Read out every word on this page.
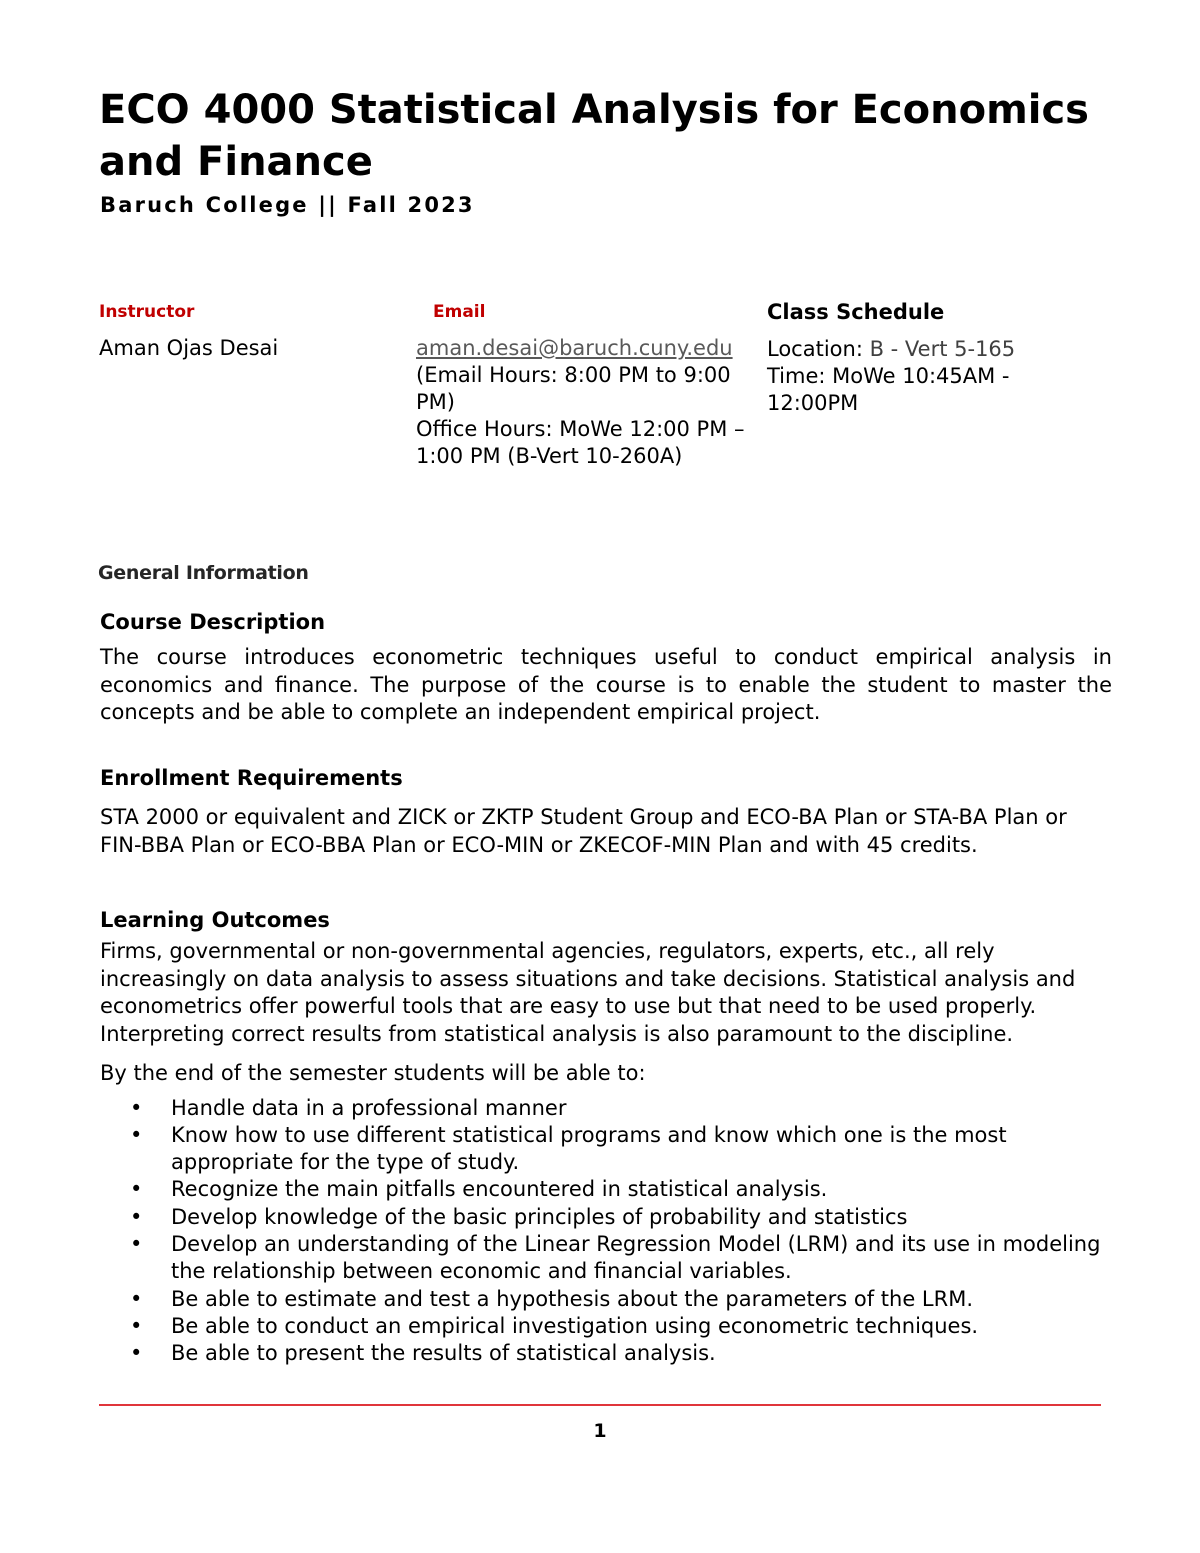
ECO 4000 Statistical Analysis for Economics and Finance
Baruch College || Fall 2023
Instructor
Aman Ojas Desai
Email
aman.desai@baruch.cuny.edu
(Email Hours: 8:00 PM to 9:00 PM)
Office Hours: MoWe 12:00 PM – 1:00 PM (B-Vert 10-260A)
Class Schedule
Location: B - Vert 5-165
Time: MoWe 10:45AM - 12:00PM
General Information
Course Description

The course introduces econometric techniques useful to conduct empirical analysis in economics and finance. The purpose of the course is to enable the student to master the concepts and be able to complete an independent empirical project.

Enrollment Requirements

STA 2000 or equivalent and ZICK or ZKTP Student Group and ECO-BA Plan or STA-BA Plan or FIN-BBA Plan or ECO-BBA Plan or ECO-MIN or ZKECOF-MIN Plan and with 45 credits.

Learning Outcomes

Firms, governmental or non-governmental agencies, regulators, experts, etc., all rely increasingly on data analysis to assess situations and take decisions. Statistical analysis and econometrics offer powerful tools that are easy to use but that need to be used properly. Interpreting correct results from statistical analysis is also paramount to the discipline.

By the end of the semester students will be able to:

• Handle data in a professional manner
• Know how to use different statistical programs and know which one is the most appropriate for the type of study.
• Recognize the main pitfalls encountered in statistical analysis.
• Develop knowledge of the basic principles of probability and statistics
• Develop an understanding of the Linear Regression Model (LRM) and its use in modeling the relationship between economic and financial variables.
• Be able to estimate and test a hypothesis about the parameters of the LRM.
• Be able to conduct an empirical investigation using econometric techniques.
• Be able to present the results of statistical analysis.
1
